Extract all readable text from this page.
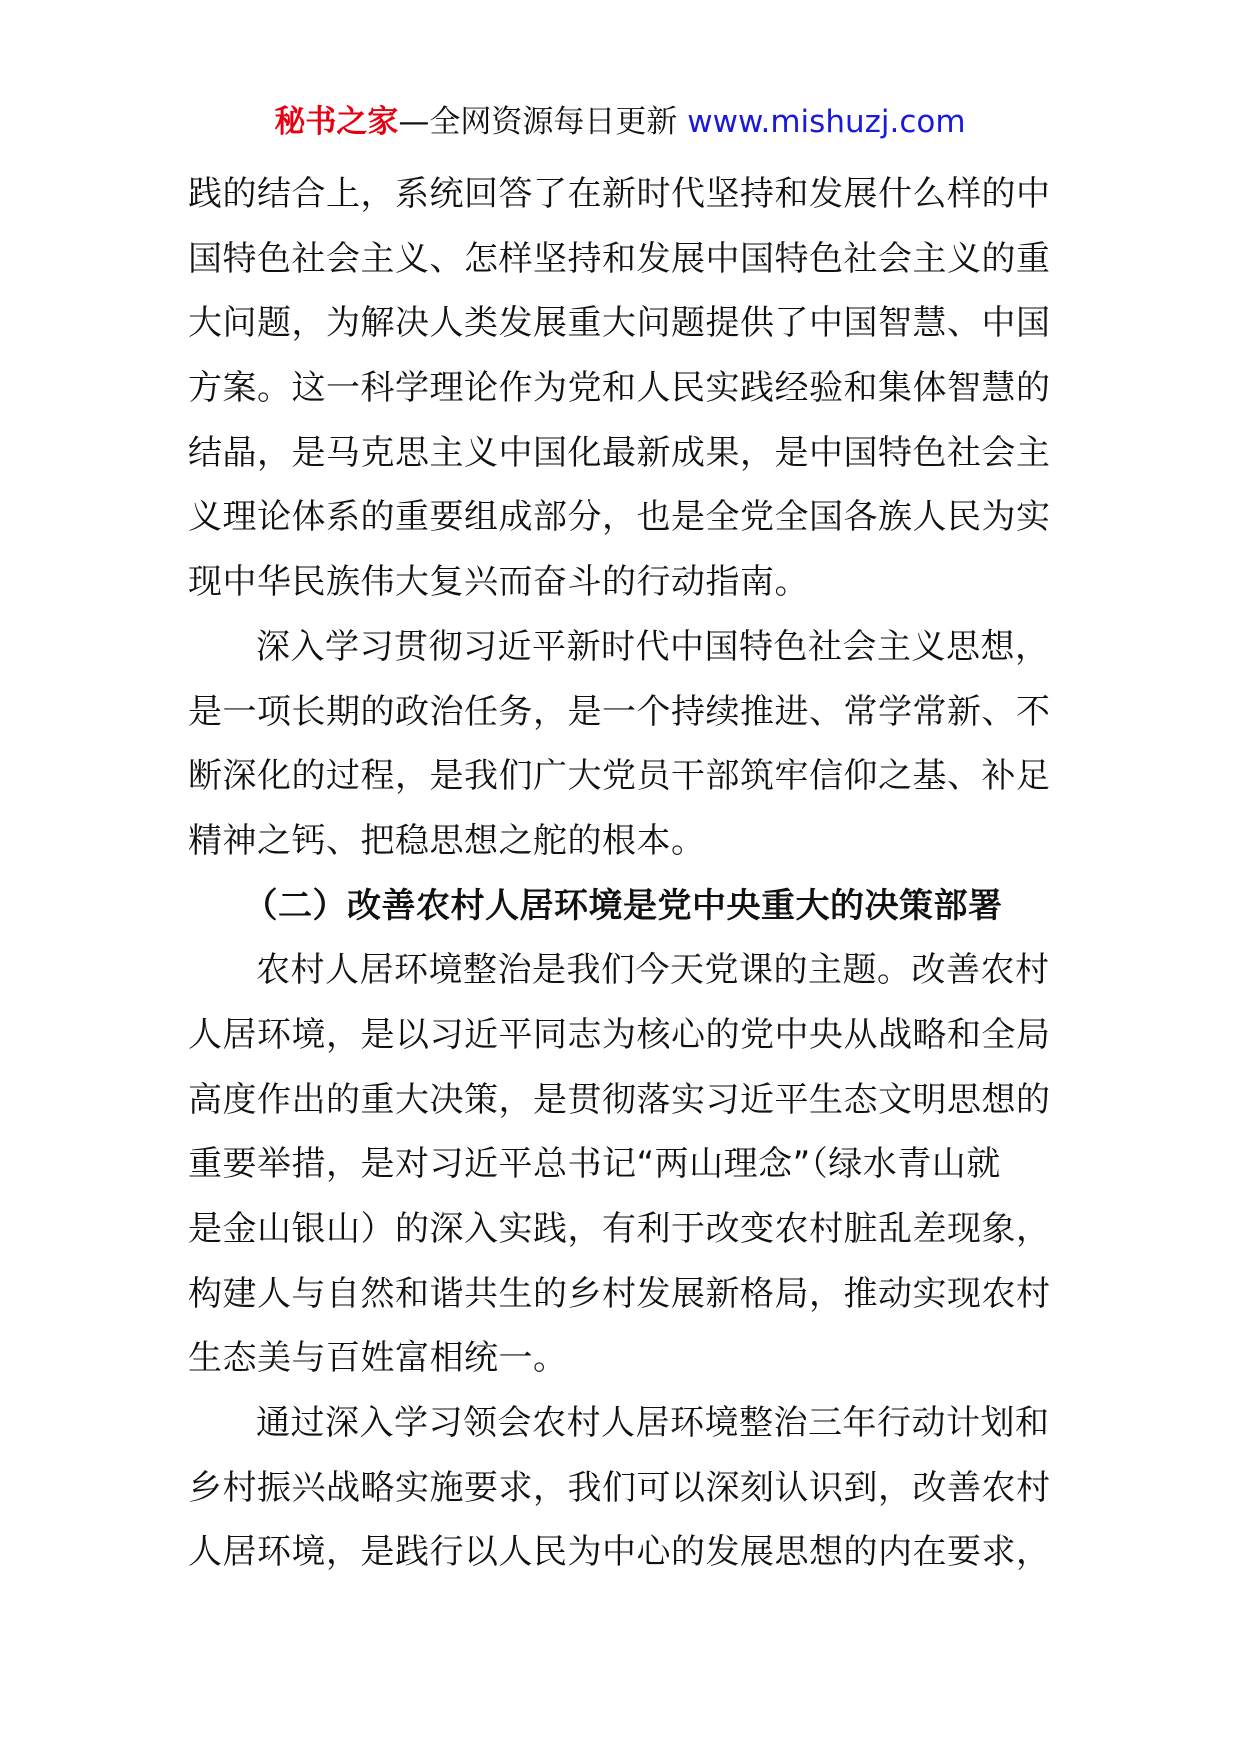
秘书之家—全网资源每日更新 www.mishuzj.com
践的结合上，系统回答了在新时代坚持和发展什么样的中
国特色社会主义、怎样坚持和发展中国特色社会主义的重
大问题，为解决人类发展重大问题提供了中国智慧、中国
方案。这一科学理论作为党和人民实践经验和集体智慧的
结晶，是马克思主义中国化最新成果，是中国特色社会主
义理论体系的重要组成部分，也是全党全国各族人民为实
现中华民族伟大复兴而奋斗的行动指南。
深入学习贯彻习近平新时代中国特色社会主义思想，
是一项长期的政治任务，是一个持续推进、常学常新、不
断深化的过程，是我们广大党员干部筑牢信仰之基、补足
精神之钙、把稳思想之舵的根本。
（二）改善农村人居环境是党中央重大的决策部署
农村人居环境整治是我们今天党课的主题。改善农村
人居环境，是以习近平同志为核心的党中央从战略和全局
高度作出的重大决策，是贯彻落实习近平生态文明思想的
重要举措，是对习近平总书记“两山理念”（绿水青山就
是金山银山）的深入实践，有利于改变农村脏乱差现象，
构建人与自然和谐共生的乡村发展新格局，推动实现农村
生态美与百姓富相统一。
通过深入学习领会农村人居环境整治三年行动计划和
乡村振兴战略实施要求，我们可以深刻认识到，改善农村
人居环境，是践行以人民为中心的发展思想的内在要求，
